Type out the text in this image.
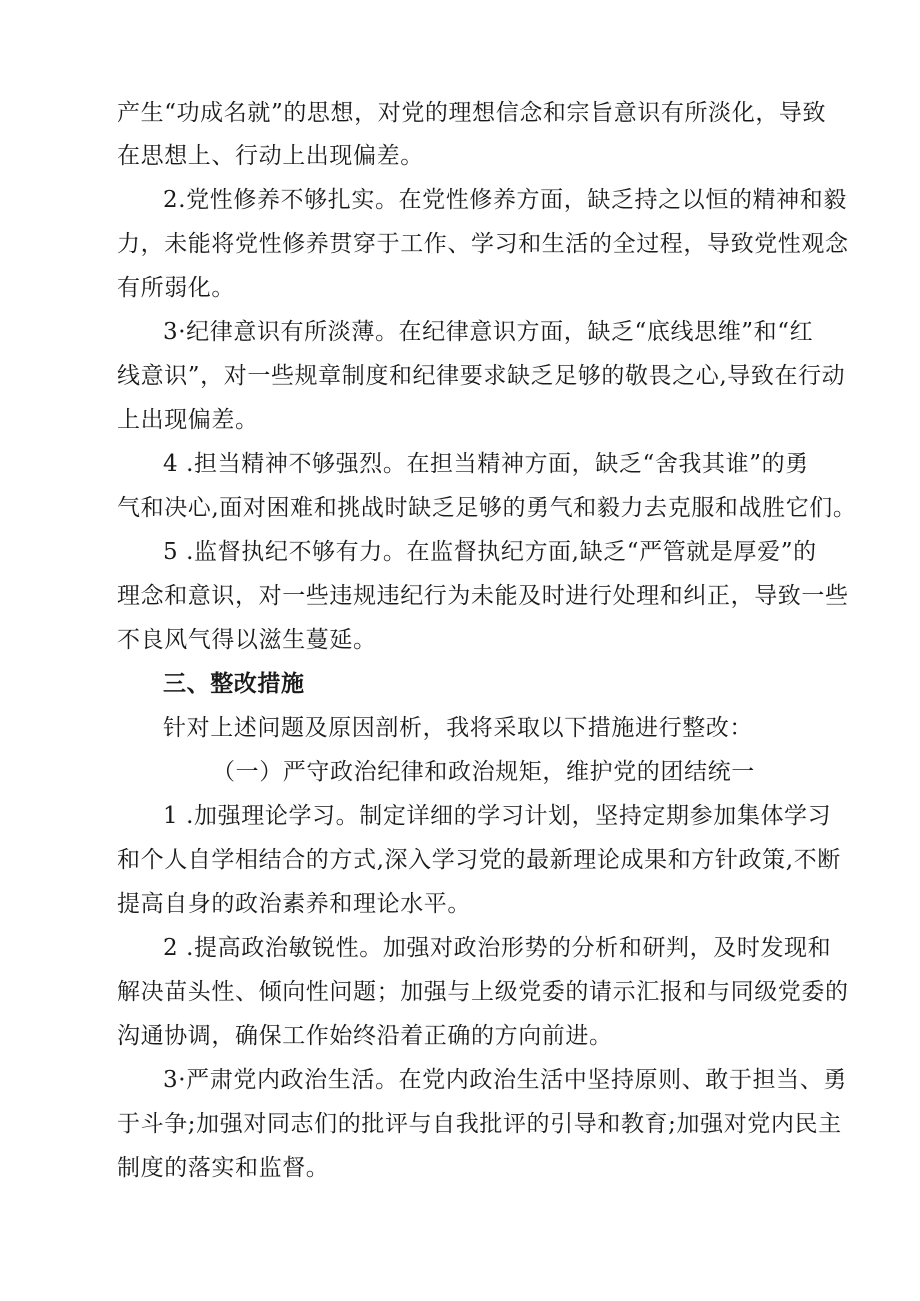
产生“功成名就”的思想，对党的理想信念和宗旨意识有所淡化，导致
在思想上、行动上出现偏差。
2.党性修养不够扎实。在党性修养方面，缺乏持之以恒的精神和毅
力，未能将党性修养贯穿于工作、学习和生活的全过程，导致党性观念
有所弱化。
3·纪律意识有所淡薄。在纪律意识方面，缺乏“底线思维”和“红
线意识”，对一些规章制度和纪律要求缺乏足够的敬畏之心,导致在行动
上出现偏差。
4 .担当精神不够强烈。在担当精神方面，缺乏“舍我其谁”的勇
气和决心,面对困难和挑战时缺乏足够的勇气和毅力去克服和战胜它们。
5 .监督执纪不够有力。在监督执纪方面,缺乏“严管就是厚爱”的
理念和意识，对一些违规违纪行为未能及时进行处理和纠正，导致一些
不良风气得以滋生蔓延。
三、整改措施
针对上述问题及原因剖析，我将采取以下措施进行整改：
（一）严守政治纪律和政治规矩，维护党的团结统一
1 .加强理论学习。制定详细的学习计划，坚持定期参加集体学习
和个人自学相结合的方式,深入学习党的最新理论成果和方针政策,不断
提高自身的政治素养和理论水平。
2 .提高政治敏锐性。加强对政治形势的分析和研判，及时发现和
解决苗头性、倾向性问题；加强与上级党委的请示汇报和与同级党委的
沟通协调，确保工作始终沿着正确的方向前进。
3·严肃党内政治生活。在党内政治生活中坚持原则、敢于担当、勇
于斗争;加强对同志们的批评与自我批评的引导和教育;加强对党内民主
制度的落实和监督。
